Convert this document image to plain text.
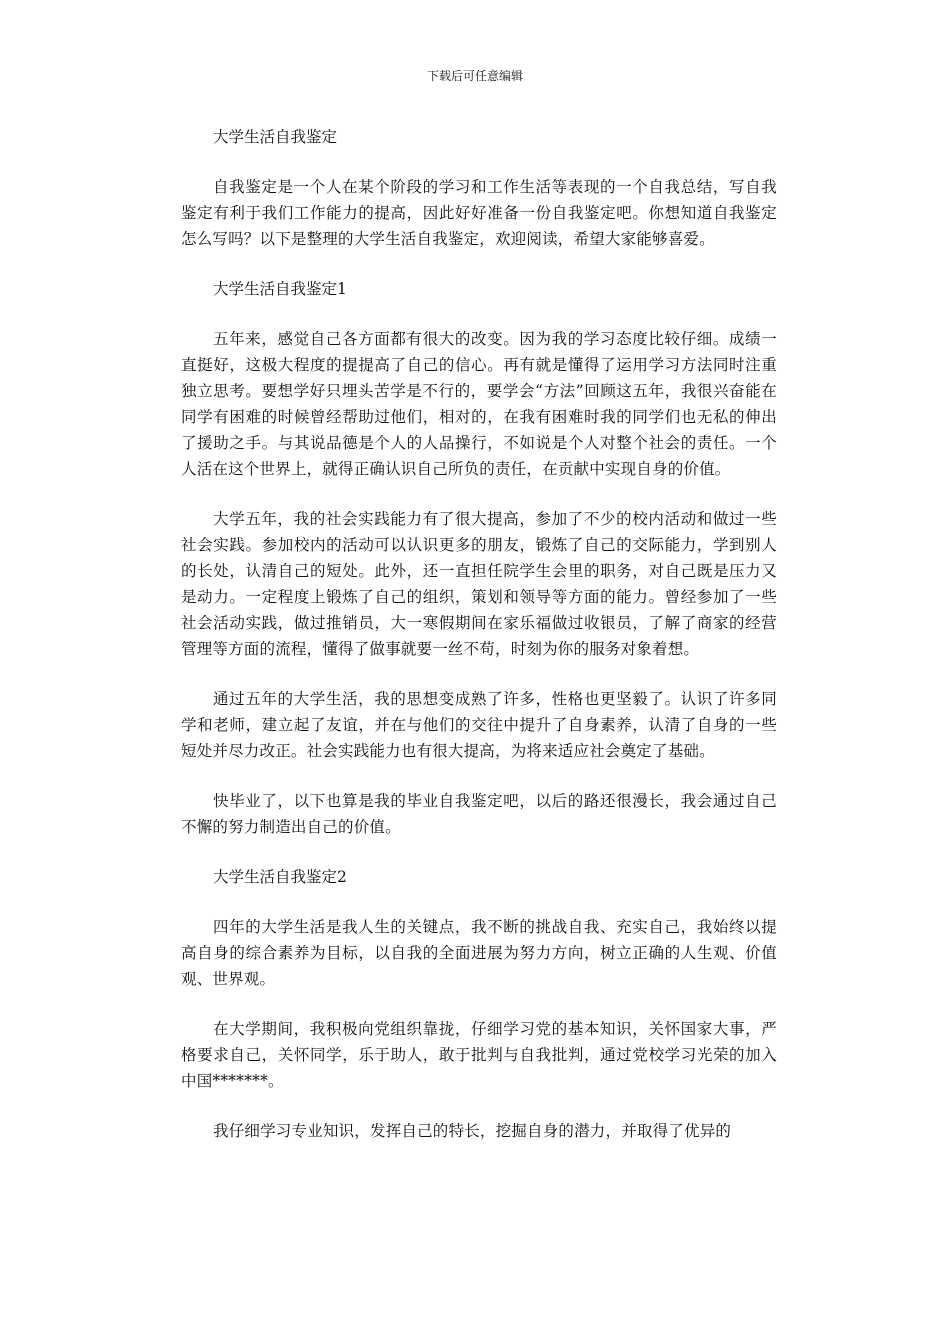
下载后可任意编辑

大学生活自我鉴定

自我鉴定是一个人在某个阶段的学习和工作生活等表现的一个自我总结，写自我鉴定有利于我们工作能力的提高，因此好好准备一份自我鉴定吧。你想知道自我鉴定怎么写吗？以下是整理的大学生活自我鉴定，欢迎阅读，希望大家能够喜爱。

大学生活自我鉴定1

五年来，感觉自己各方面都有很大的改变。因为我的学习态度比较仔细。成绩一直挺好，这极大程度的提提高了自己的信心。再有就是懂得了运用学习方法同时注重独立思考。要想学好只埋头苦学是不行的，要学会“方法”回顾这五年，我很兴奋能在同学有困难的时候曾经帮助过他们，相对的，在我有困难时我的同学们也无私的伸出了援助之手。与其说品德是个人的人品操行，不如说是个人对整个社会的责任。一个人活在这个世界上，就得正确认识自己所负的责任，在贡献中实现自身的价值。

大学五年，我的社会实践能力有了很大提高，参加了不少的校内活动和做过一些社会实践。参加校内的活动可以认识更多的朋友，锻炼了自己的交际能力，学到别人的长处，认清自己的短处。此外，还一直担任院学生会里的职务，对自己既是压力又是动力。一定程度上锻炼了自己的组织，策划和领导等方面的能力。曾经参加了一些社会活动实践，做过推销员，大一寒假期间在家乐福做过收银员，了解了商家的经营管理等方面的流程，懂得了做事就要一丝不苟，时刻为你的服务对象着想。

通过五年的大学生活，我的思想变成熟了许多，性格也更坚毅了。认识了许多同学和老师，建立起了友谊，并在与他们的交往中提升了自身素养，认清了自身的一些短处并尽力改正。社会实践能力也有很大提高，为将来适应社会奠定了基础。

快毕业了，以下也算是我的毕业自我鉴定吧，以后的路还很漫长，我会通过自己不懈的努力制造出自己的价值。

大学生活自我鉴定2

四年的大学生活是我人生的关键点，我不断的挑战自我、充实自己，我始终以提高自身的综合素养为目标，以自我的全面进展为努力方向，树立正确的人生观、价值观、世界观。

在大学期间，我积极向党组织靠拢，仔细学习党的基本知识，关怀国家大事，严格要求自己，关怀同学，乐于助人，敢于批判与自我批判，通过党校学习光荣的加入中国*******。

我仔细学习专业知识，发挥自己的特长，挖掘自身的潜力，并取得了优异的
